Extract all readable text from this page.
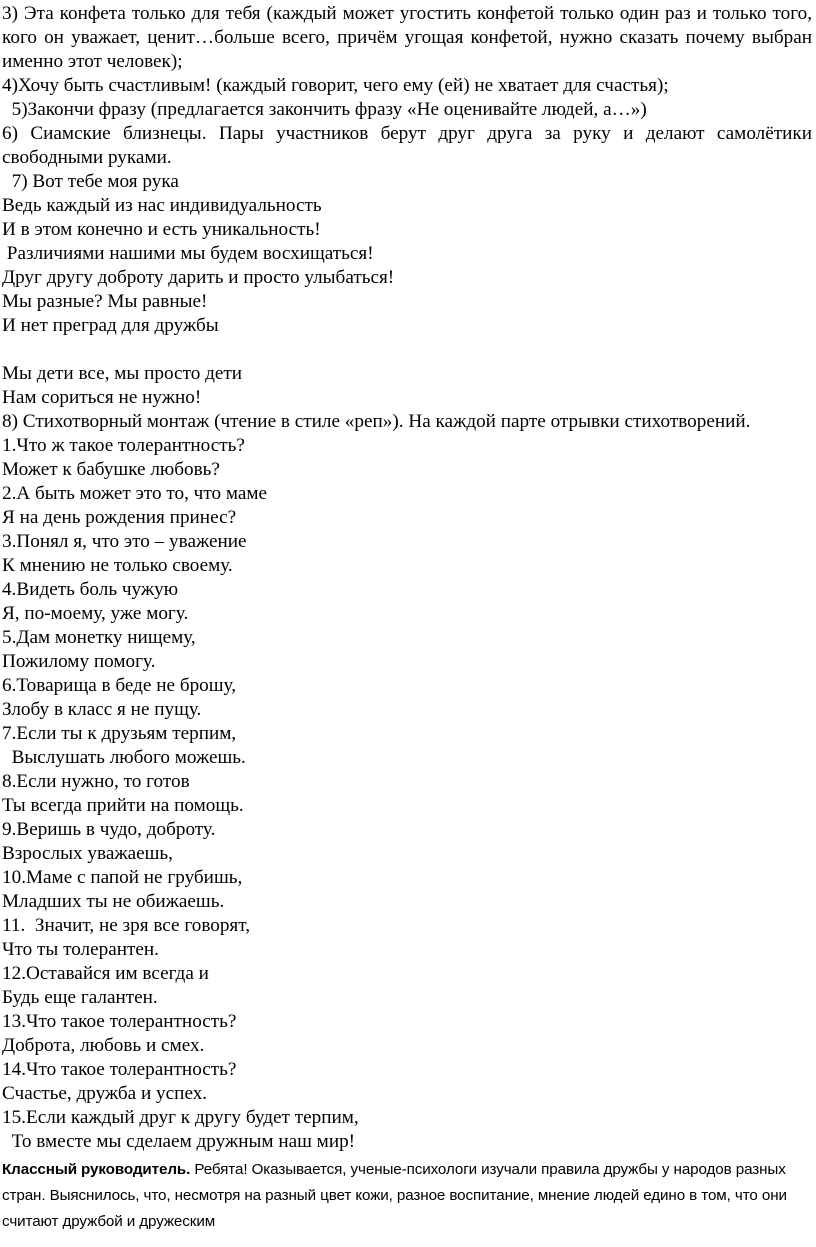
3) Эта конфета только для тебя (каждый может угостить конфетой только один раз и только того, кого он уважает, ценит…больше всего, причём угощая конфетой, нужно сказать почему выбран именно этот человек);

4)Хочу быть счастливым! (каждый говорит, чего ему (ей) не хватает для счастья);

5)Закончи фразу (предлагается закончить фразу «Не оценивайте людей, а…»)

6) Сиамские близнецы. Пары участников берут друг друга за руку и делают самолётики свободными руками.

7) Вот тебе моя рука

Ведь каждый из нас индивидуальность

И в этом конечно и есть уникальность!

Различиями нашими мы будем восхищаться!

Друг другу доброту дарить и просто улыбаться!

Мы разные? Мы равные!

И нет преград для дружбы

Мы дети все, мы просто дети

Нам сориться не нужно!

8) Стихотворный монтаж (чтение в стиле «реп»). На каждой парте отрывки стихотворений.

1.Что ж такое толерантность?

Может к бабушке любовь?

2.А быть может это то, что маме

Я на день рождения принес?

3.Понял я, что это – уважение

К мнению не только своему.

4.Видеть боль чужую

Я, по-моему, уже могу.

5.Дам монетку нищему,

Пожилому помогу.

6.Товарища в беде не брошу,

Злобу в класс я не пущу.

7.Если ты к друзьям терпим,

Выслушать любого можешь.

8.Если нужно, то готов

Ты всегда прийти на помощь.

9.Веришь в чудо, доброту.

Взрослых уважаешь,

10.Маме с папой не грубишь,

Младших ты не обижаешь.

11.  Значит, не зря все говорят,

Что ты толерантен.

12.Оставайся им всегда и

Будь еще галантен.

13.Что такое толерантность?

Доброта, любовь и смех.

14.Что такое толерантность?

Счастье, дружба и успех.

15.Если каждый друг к другу будет терпим,

То вместе мы сделаем дружным наш мир!

Классный руководитель. Ребята! Оказывается, ученые-психологи изучали правила дружбы у народов разных стран. Выяснилось, что, несмотря на разный цвет кожи, разное воспитание, мнение людей едино в том, что они считают дружбой и дружеским
